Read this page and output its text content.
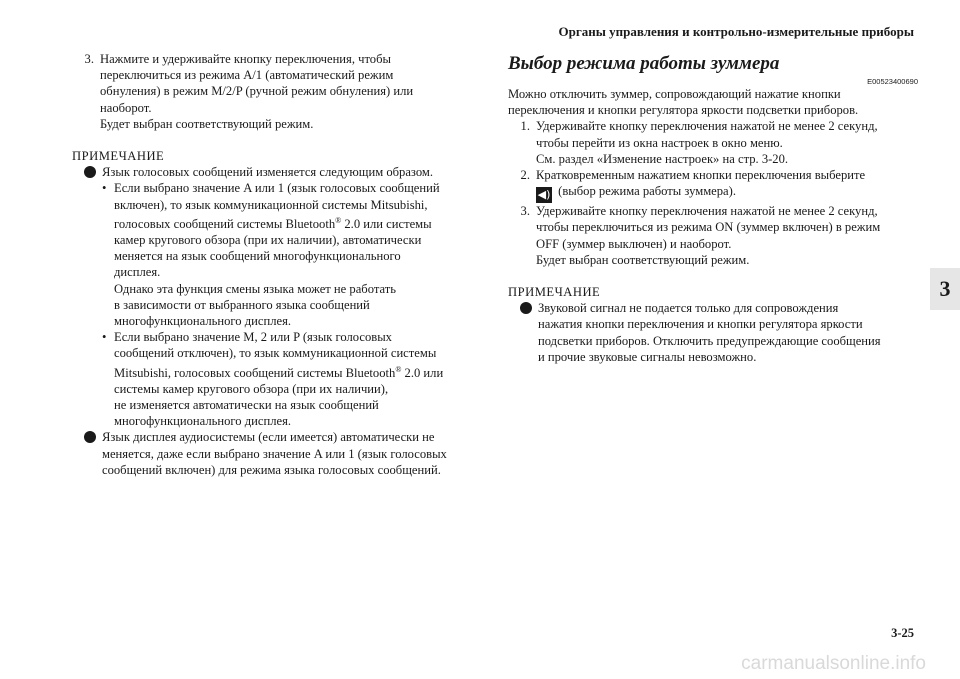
Органы управления и контрольно-измерительные приборы
3. Нажмите и удерживайте кнопку переключения, чтобы
переключиться из режима A/1 (автоматический режим
обнуления) в режим M/2/P (ручной режим обнуления) или
наоборот.
Будет выбран соответствующий режим.
ПРИМЕЧАНИЕ
Язык голосовых сообщений изменяется следующим образом.
• Если выбрано значение A или 1 (язык голосовых сообщений
включен), то язык коммуникационной системы Mitsubishi,
голосовых сообщений системы Bluetooth® 2.0 или системы
камер кругового обзора (при их наличии), автоматически
меняется на язык сообщений многофункционального
дисплея.
Однако эта функция смены языка может не работать
в зависимости от выбранного языка сообщений
многофункционального дисплея.
• Если выбрано значение M, 2 или P (язык голосовых
сообщений отключен), то язык коммуникационной системы
Mitsubishi, голосовых сообщений системы Bluetooth® 2.0 или
системы камер кругового обзора (при их наличии),
не изменяется автоматически на язык сообщений
многофункционального дисплея.
Язык дисплея аудиосистемы (если имеется) автоматически не
меняется, даже если выбрано значение A или 1 (язык голосовых
сообщений включен) для режима языка голосовых сообщений.
Выбор режима работы зуммера
E00523400690
Можно отключить зуммер, сопровождающий нажатие кнопки
переключения и кнопки регулятора яркости подсветки приборов.
1. Удерживайте кнопку переключения нажатой не менее 2 секунд,
чтобы перейти из окна настроек в окно меню.
См. раздел «Изменение настроек» на стр. 3-20.
2. Кратковременным нажатием кнопки переключения выберите
◀) (выбор режима работы зуммера).
3. Удерживайте кнопку переключения нажатой не менее 2 секунд,
чтобы переключиться из режима ON (зуммер включен) в режим
OFF (зуммер выключен) и наоборот.
Будет выбран соответствующий режим.
ПРИМЕЧАНИЕ
Звуковой сигнал не подается только для сопровождения
нажатия кнопки переключения и кнопки регулятора яркости
подсветки приборов. Отключить предупреждающие сообщения
и прочие звуковые сигналы невозможно.
3
3-25
carmanualsonline.info
